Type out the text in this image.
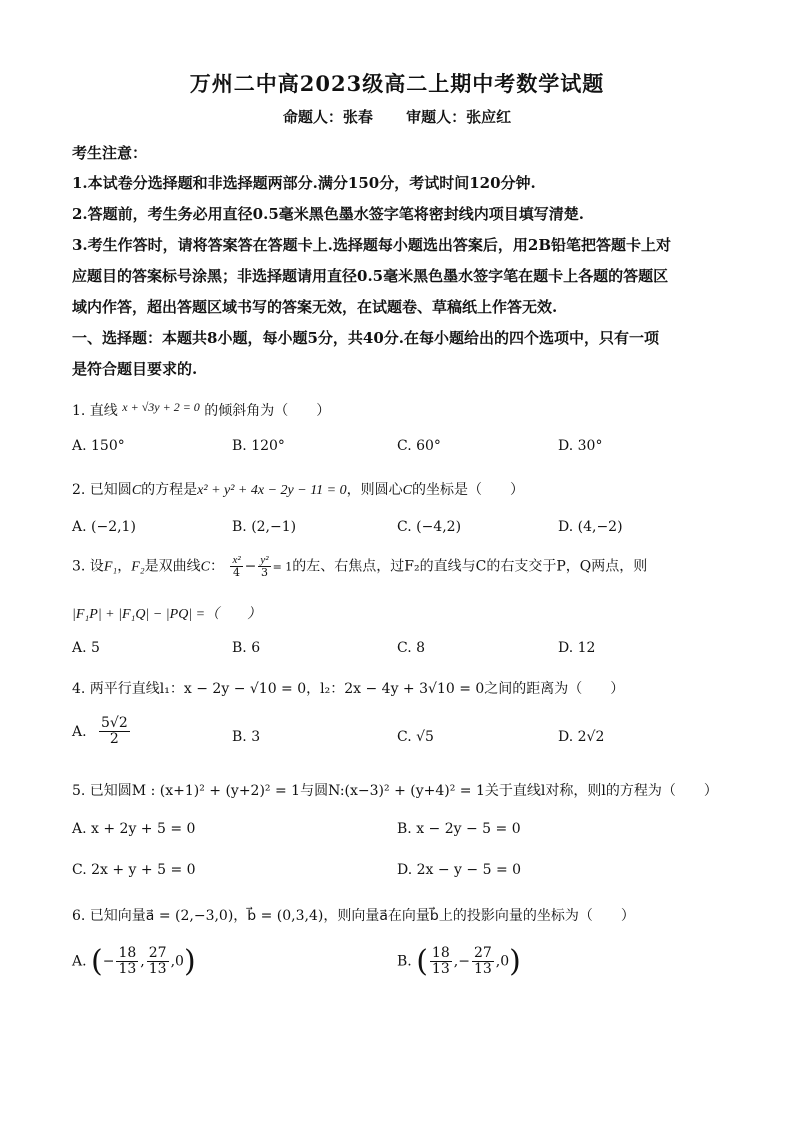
万州二中高2023级高二上期中考数学试题
命题人：张春 审题人：张应红
考生注意：
1.本试卷分选择题和非选择题两部分.满分150分，考试时间120分钟.
2.答题前，考生务必用直径0.5毫米黑色墨水签字笔将密封线内项目填写清楚.
3.考生作答时，请将答案答在答题卡上.选择题每小题选出答案后，用2B铅笔把答题卡上对
应题目的答案标号涂黑；非选择题请用直径0.5毫米黑色墨水签字笔在题卡上各题的答题区
域内作答，超出答题区域书写的答案无效，在试题卷、草稿纸上作答无效.
一、选择题：本题共8小题，每小题5分，共40分.在每小题给出的四个选项中，只有一项
是符合题目要求的.
1. 直线 x + √3y + 2 = 0 的倾斜角为（　　）
A. 150°	B. 120°	C. 60°	D. 30°
2. 已知圆C的方程是x² + y² + 4x − 2y − 11 = 0，则圆心C的坐标是（　　）
A. (−2,1)	B. (2,−1)	C. (−4,2)	D. (4,−2)
3. 设F₁，F₂是双曲线C： $\frac{\text{x²}}{4} - \frac{\text{y²}}{3} = 1$的左、右焦点，过F₂的直线与C的右支交于P，Q两点，则
|F₁P| + |F₁Q| − |PQ| =（　　）
A. 5	B. 6	C. 8	D. 12
4. 两平行直线l₁：x − 2y − √10 = 0，l₂：2x − 4y + 3√10 = 0之间的距离为（　　）
A. $\frac{5√2}{2}$	B. 3	C. √5	D. 2√2
5. 已知圆M : (x+1)² + (y+2)² = 1与圆N:(x−3)² + (y+4)² = 1关于直线l对称，则l的方程为（　　）
A. x + 2y + 5 = 0	B. x − 2y − 5 = 0
C. 2x + y + 5 = 0	D. 2x − y − 5 = 0
6. 已知向量a⃗ = (2,−3,0)，b⃗ = (0,3,4)，则向量a⃗在向量b⃗上的投影向量的坐标为（　　）
A. (− $\frac{18}{13}$ , $\frac{27}{13} ,0$)	B. ( $\frac{18}{13}$ ,− $\frac{27}{13} ,0$)
